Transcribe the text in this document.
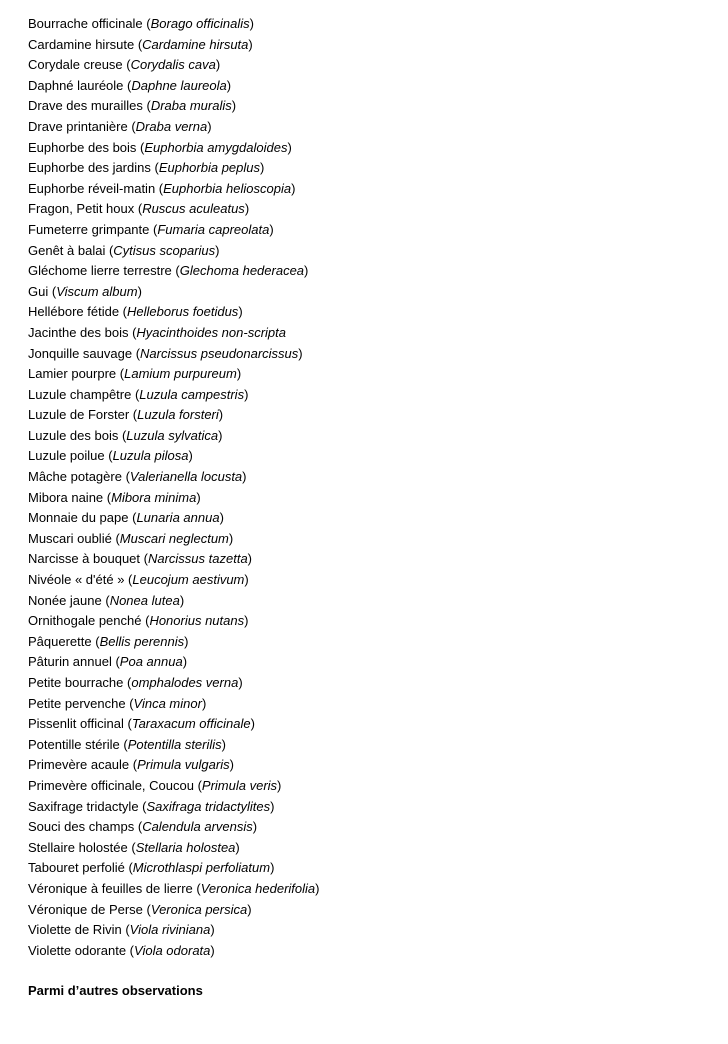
Bourrache officinale (Borago officinalis)
Cardamine hirsute (Cardamine hirsuta)
Corydale creuse (Corydalis cava)
Daphné lauréole (Daphne laureola)
Drave des murailles (Draba muralis)
Drave printanière (Draba verna)
Euphorbe des bois (Euphorbia amygdaloides)
Euphorbe des jardins (Euphorbia peplus)
Euphorbe réveil-matin (Euphorbia helioscopia)
Fragon, Petit houx (Ruscus aculeatus)
Fumeterre grimpante (Fumaria capreolata)
Genêt à balai (Cytisus scoparius)
Gléchome lierre terrestre (Glechoma hederacea)
Gui (Viscum album)
Hellébore fétide (Helleborus foetidus)
Jacinthe des bois (Hyacinthoides non-scripta
Jonquille sauvage (Narcissus pseudonarcissus)
Lamier pourpre (Lamium purpureum)
Luzule champêtre (Luzula campestris)
Luzule de Forster (Luzula forsteri)
Luzule des bois (Luzula sylvatica)
Luzule poilue (Luzula pilosa)
Mâche potagère (Valerianella locusta)
Mibora naine (Mibora minima)
Monnaie du pape (Lunaria annua)
Muscari oublié (Muscari neglectum)
Narcisse à bouquet (Narcissus tazetta)
Nivéole « d'été » (Leucojum aestivum)
Nonée jaune (Nonea lutea)
Ornithogale penché (Honorius nutans)
Pâquerette (Bellis perennis)
Pâturin annuel (Poa annua)
Petite bourrache (omphalodes verna)
Petite pervenche (Vinca minor)
Pissenlit officinal (Taraxacum officinale)
Potentille stérile (Potentilla sterilis)
Primevère acaule (Primula vulgaris)
Primevère officinale, Coucou (Primula veris)
Saxifrage tridactyle (Saxifraga tridactylites)
Souci des champs (Calendula arvensis)
Stellaire holostée (Stellaria holostea)
Tabouret perfolié (Microthlaspi perfoliatum)
Véronique à feuilles de lierre (Veronica hederifolia)
Véronique de Perse (Veronica persica)
Violette de Rivin (Viola riviniana)
Violette odorante (Viola odorata)
Parmi d’autres observations
